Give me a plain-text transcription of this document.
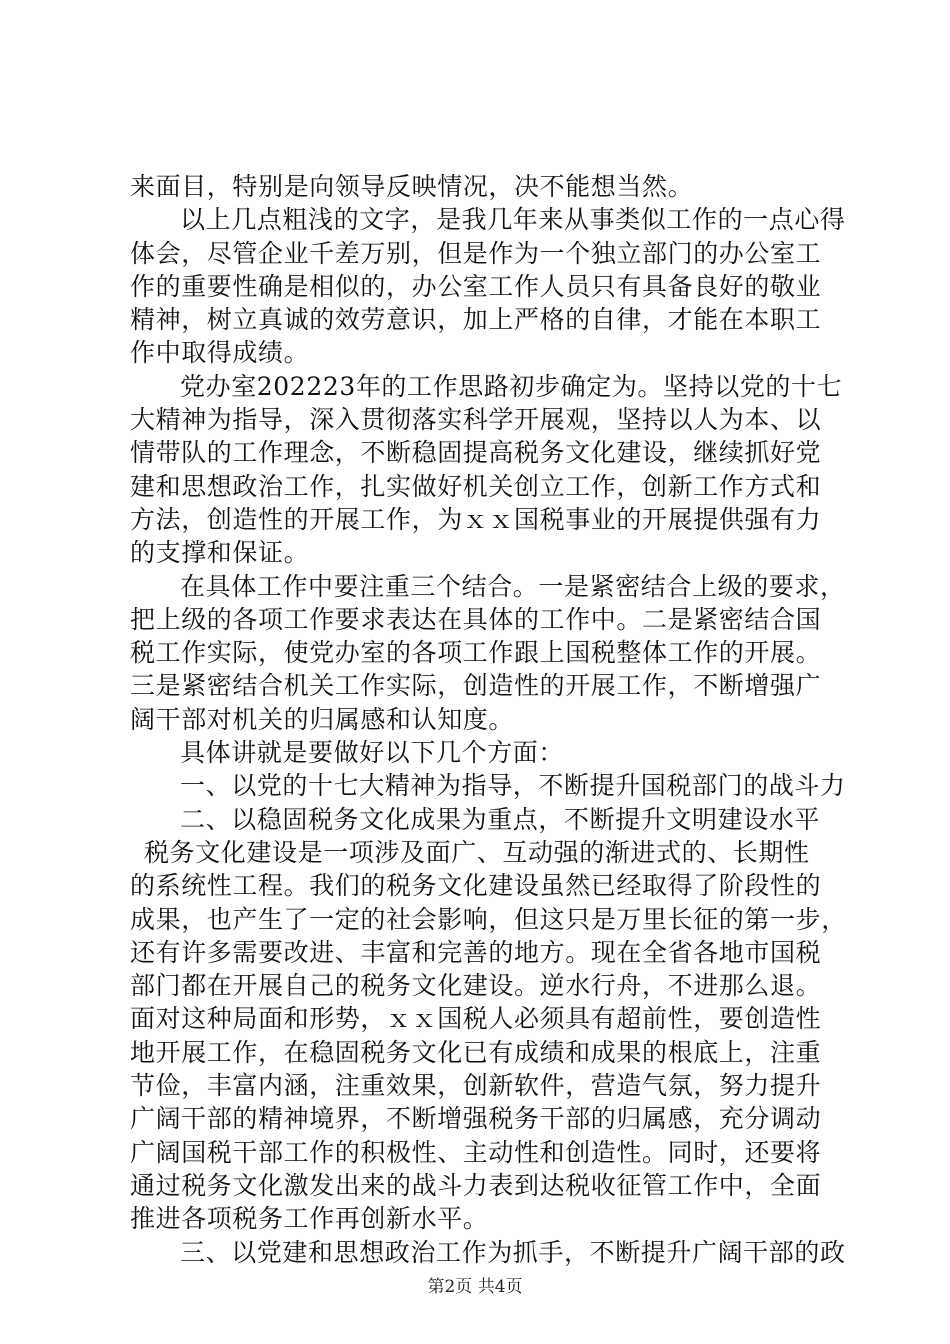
来面目，特别是向领导反映情况，决不能想当然。
以上几点粗浅的文字，是我几年来从事类似工作的一点心得
体会，尽管企业千差万别，但是作为一个独立部门的办公室工
作的重要性确是相似的，办公室工作人员只有具备良好的敬业
精神，树立真诚的效劳意识，加上严格的自律，才能在本职工
作中取得成绩。
党办室202223年的工作思路初步确定为。坚持以党的十七
大精神为指导，深入贯彻落实科学开展观，坚持以人为本、以
情带队的工作理念，不断稳固提高税务文化建设，继续抓好党
建和思想政治工作，扎实做好机关创立工作，创新工作方式和
方法，创造性的开展工作，为ｘｘ国税事业的开展提供强有力
的支撑和保证。
在具体工作中要注重三个结合。一是紧密结合上级的要求，
把上级的各项工作要求表达在具体的工作中。二是紧密结合国
税工作实际，使党办室的各项工作跟上国税整体工作的开展。
三是紧密结合机关工作实际，创造性的开展工作，不断增强广
阔干部对机关的归属感和认知度。
具体讲就是要做好以下几个方面：
一、以党的十七大精神为指导，不断提升国税部门的战斗力
二、以稳固税务文化成果为重点，不断提升文明建设水平
税务文化建设是一项涉及面广、互动强的渐进式的、长期性
的系统性工程。我们的税务文化建设虽然已经取得了阶段性的
成果，也产生了一定的社会影响，但这只是万里长征的第一步，
还有许多需要改进、丰富和完善的地方。现在全省各地市国税
部门都在开展自己的税务文化建设。逆水行舟，不进那么退。
面对这种局面和形势，ｘｘ国税人必须具有超前性，要创造性
地开展工作，在稳固税务文化已有成绩和成果的根底上，注重
节俭，丰富内涵，注重效果，创新软件，营造气氛，努力提升
广阔干部的精神境界，不断增强税务干部的归属感，充分调动
广阔国税干部工作的积极性、主动性和创造性。同时，还要将
通过税务文化激发出来的战斗力表到达税收征管工作中，全面
推进各项税务工作再创新水平。
三、以党建和思想政治工作为抓手，不断提升广阔干部的政
第2页 共4页
